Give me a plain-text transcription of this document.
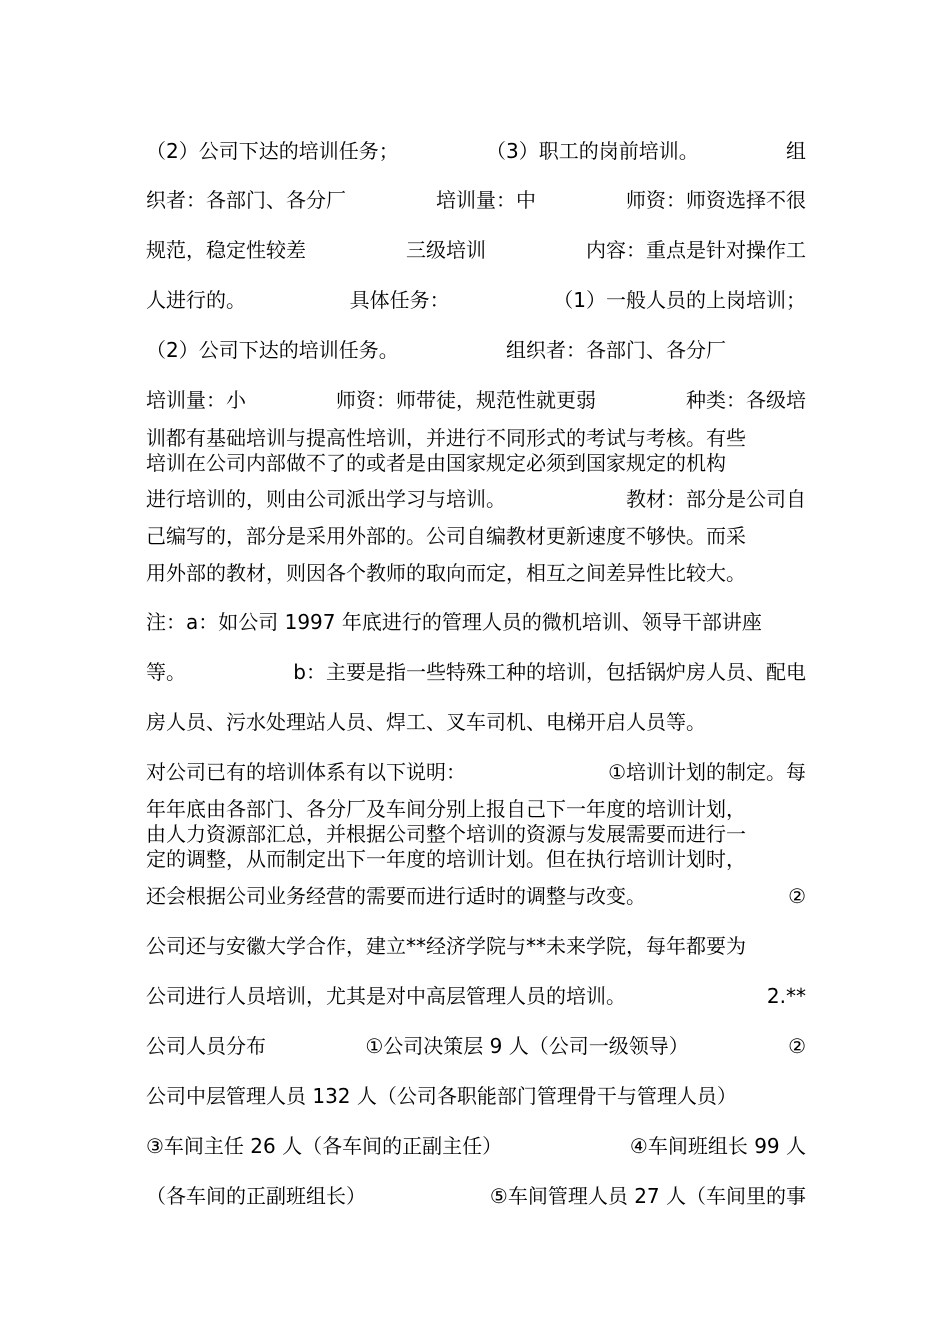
（2）公司下达的培训任务；	（3）职工的岗前培训。	组
织者：各部门、各分厂	培训量：中	师资：师资选择不很
规范，稳定性较差	三级培训	内容：重点是针对操作工
人进行的。	具体任务：	（1）一般人员的上岗培训；
（2）公司下达的培训任务。	组织者：各部门、各分厂
培训量：小	师资：师带徒，规范性就更弱	种类：各级培
训都有基础培训与提高性培训，并进行不同形式的考试与考核。有些
培训在公司内部做不了的或者是由国家规定必须到国家规定的机构
进行培训的，则由公司派出学习与培训。	教材：部分是公司自
己编写的，部分是采用外部的。公司自编教材更新速度不够快。而采
用外部的教材，则因各个教师的取向而定，相互之间差异性比较大。
注：a：如公司 1997 年底进行的管理人员的微机培训、领导干部讲座
等。	b：主要是指一些特殊工种的培训，包括锅炉房人员、配电
房人员、污水处理站人员、焊工、叉车司机、电梯开启人员等。
对公司已有的培训体系有以下说明：	①培训计划的制定。每
年年底由各部门、各分厂及车间分别上报自己下一年度的培训计划，
由人力资源部汇总，并根据公司整个培训的资源与发展需要而进行一
定的调整，从而制定出下一年度的培训计划。但在执行培训计划时，
还会根据公司业务经营的需要而进行适时的调整与改变。	②
公司还与安徽大学合作，建立**经济学院与**未来学院，每年都要为
公司进行人员培训，尤其是对中高层管理人员的培训。	2.**
公司人员分布	①公司决策层 9 人（公司一级领导）	②
公司中层管理人员 132 人（公司各职能部门管理骨干与管理人员）
③车间主任 26 人（各车间的正副主任）	④车间班组长 99 人
（各车间的正副班组长）	⑤车间管理人员 27 人（车间里的事
